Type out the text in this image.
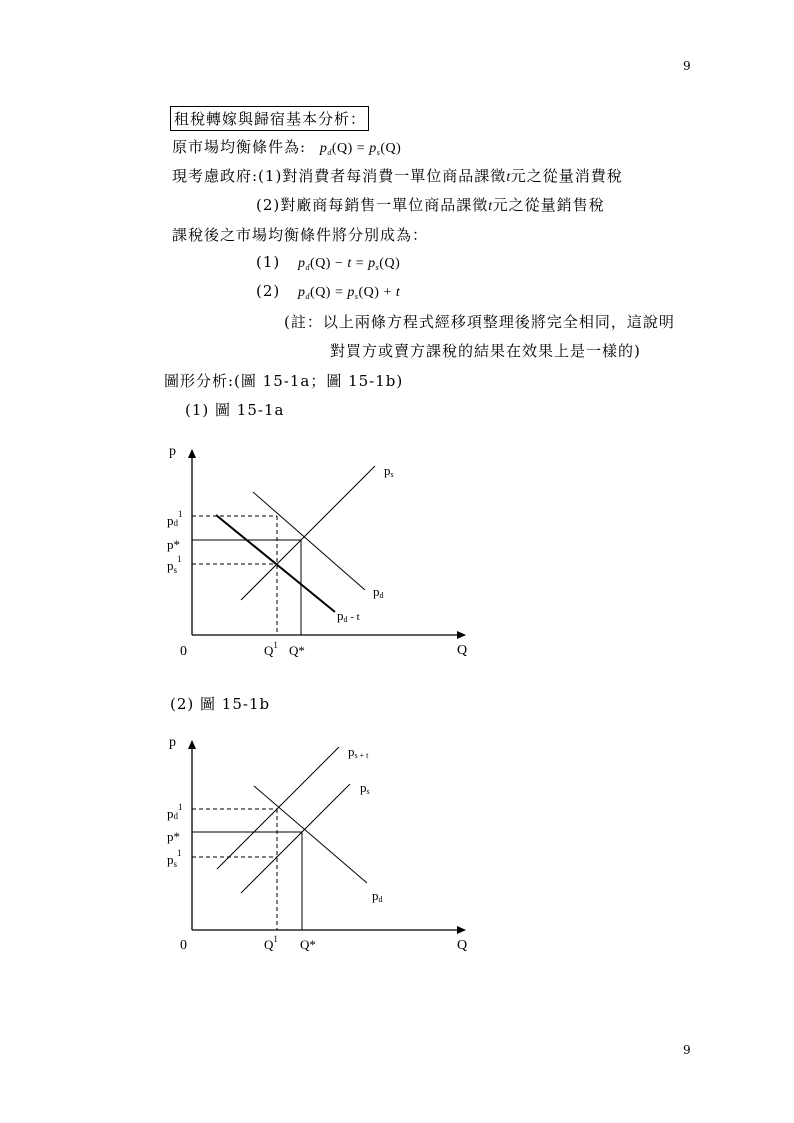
9
9
租稅轉嫁與歸宿基本分析：
原市場均衡條件為: $p_d(Q) = p_s(Q)$
現考慮政府:(1)對消費者每消費一單位商品課徵t元之從量消費稅
(2)對廠商每銷售一單位商品課徵t元之從量銷售稅
課稅後之市場均衡條件將分別成為：
(1) $p_d(Q) - t = p_s(Q)$
(2) $p_d(Q) = p_s(Q) + t$
(註：以上兩條方程式經移項整理後將完全相同，這說明
對買方或賣方課稅的結果在效果上是一樣的)
圖形分析:(圖 15-1a；圖 15-1b)
(1) 圖 15-1a
p
Q
0
ps
pd
pd - t
$pd^1$
p*
$p_s^1$
$Q^1$ Q*
(2) 圖 15-1b
p
Q
0
ps + t
ps
pd
$pd^1$
p*
$p_s^1$
$Q^1$ Q*
